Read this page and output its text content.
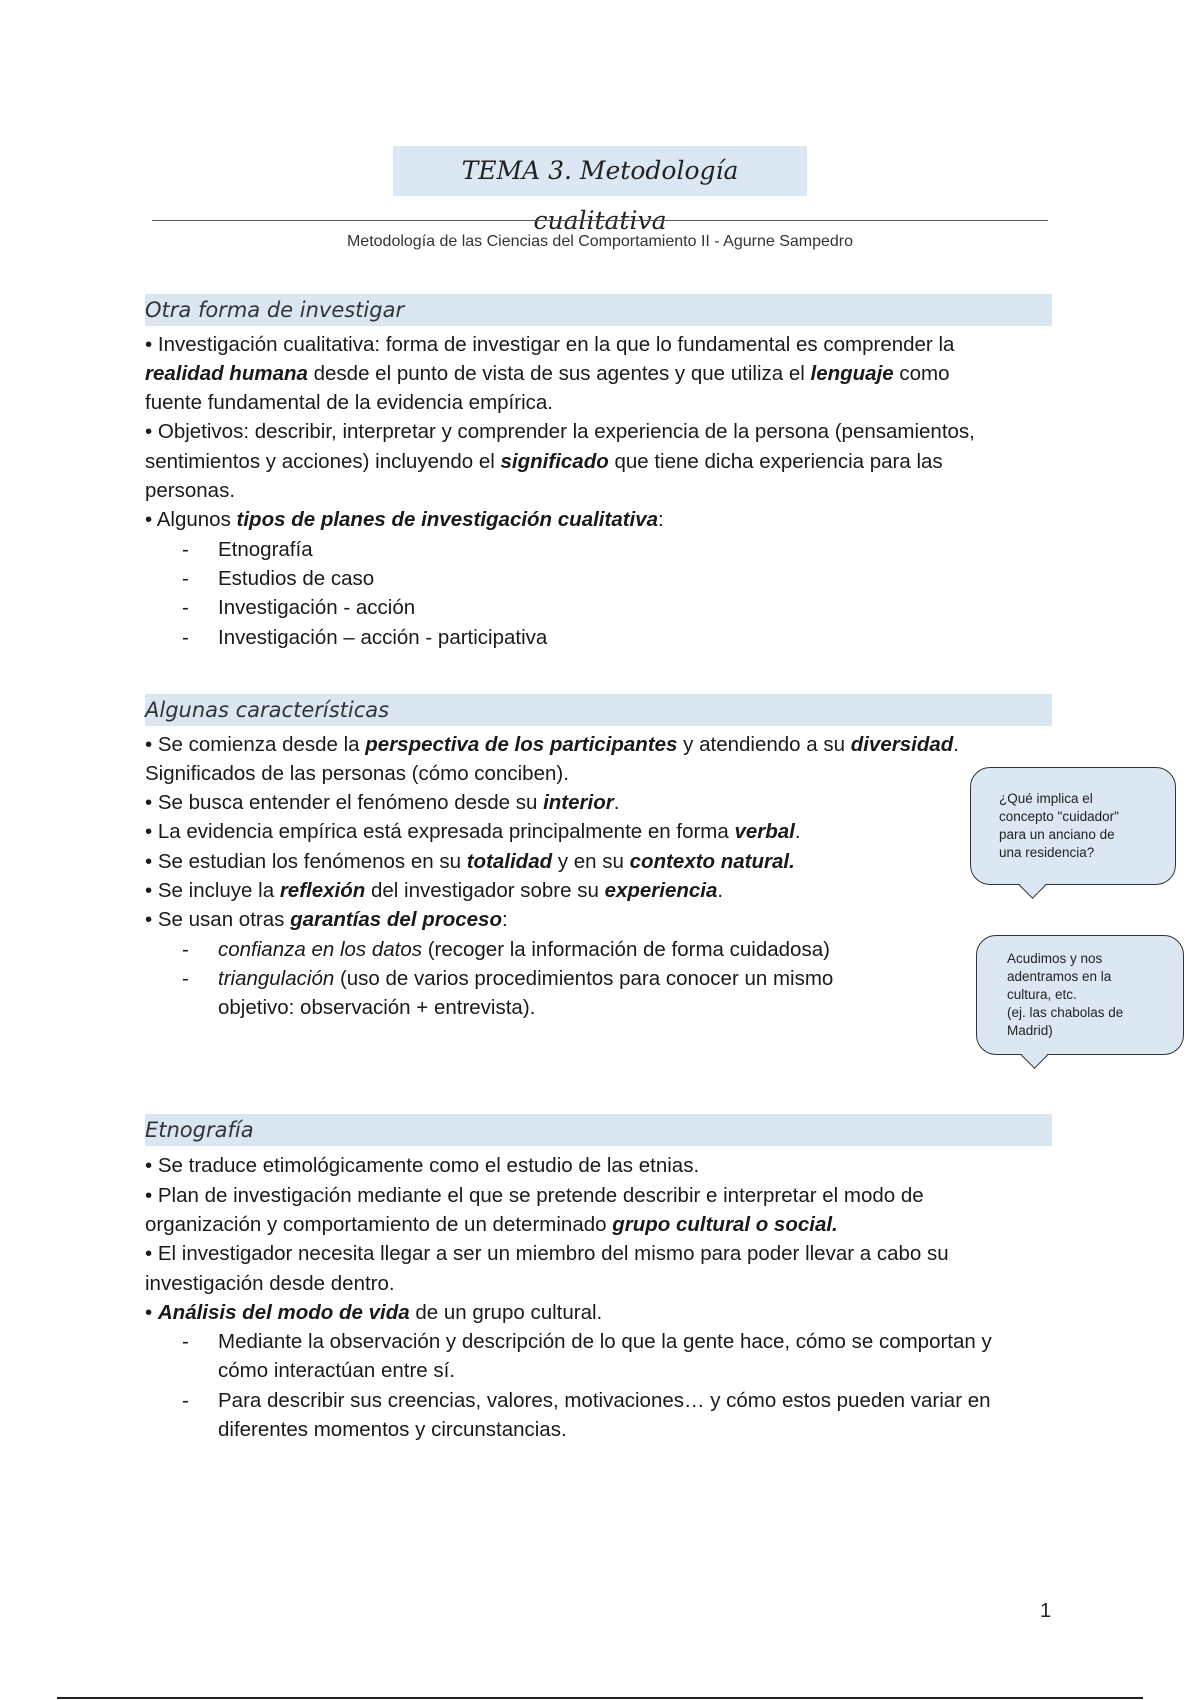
TEMA 3. Metodología cualitativa
Metodología de las Ciencias del Comportamiento II - Agurne Sampedro
Otra forma de investigar
• Investigación cualitativa: forma de investigar en la que lo fundamental es comprender la
realidad humana desde el punto de vista de sus agentes y que utiliza el lenguaje como
fuente fundamental de la evidencia empírica.
• Objetivos: describir, interpretar y comprender la experiencia de la persona (pensamientos,
sentimientos y acciones) incluyendo el significado que tiene dicha experiencia para las
personas.
• Algunos tipos de planes de investigación cualitativa:
- Etnografía
- Estudios de caso
- Investigación - acción
- Investigación – acción - participativa
Algunas características
• Se comienza desde la perspectiva de los participantes y atendiendo a su diversidad.
Significados de las personas (cómo conciben).
• Se busca entender el fenómeno desde su interior.
• La evidencia empírica está expresada principalmente en forma verbal.
• Se estudian los fenómenos en su totalidad y en su contexto natural.
• Se incluye la reflexión del investigador sobre su experiencia.
• Se usan otras garantías del proceso:
- confianza en los datos (recoger la información de forma cuidadosa)
- triangulación (uso de varios procedimientos para conocer un mismo
objetivo: observación + entrevista).
¿Qué implica el
concepto "cuidador"
para un anciano de
una residencia?
Acudimos y nos
adentramos en la
cultura, etc.
(ej. las chabolas de
Madrid)
Etnografía
• Se traduce etimológicamente como el estudio de las etnias.
• Plan de investigación mediante el que se pretende describir e interpretar el modo de
organización y comportamiento de un determinado grupo cultural o social.
• El investigador necesita llegar a ser un miembro del mismo para poder llevar a cabo su
investigación desde dentro.
• Análisis del modo de vida de un grupo cultural.
- Mediante la observación y descripción de lo que la gente hace, cómo se comportan y
cómo interactúan entre sí.
- Para describir sus creencias, valores, motivaciones… y cómo estos pueden variar en
diferentes momentos y circunstancias.
1
